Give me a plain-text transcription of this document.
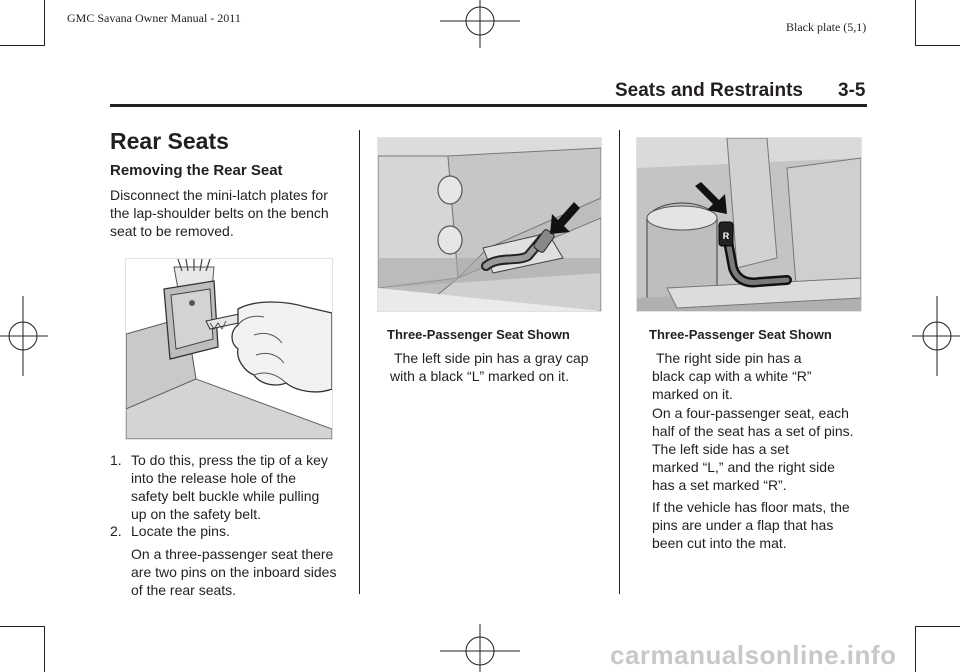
GMC Savana Owner Manual - 2011
Black plate (5,1)
Seats and Restraints 3-5
Rear Seats
Removing the Rear Seat
Disconnect the mini-latch plates for
the lap-shoulder belts on the bench
seat to be removed.
1. To do this, press the tip of a key
into the release hole of the
safety belt buckle while pulling
up on the safety belt.
2. Locate the pins.
On a three-passenger seat there
are two pins on the inboard sides
of the rear seats.
Three-Passenger Seat Shown
The left side pin has a gray cap
with a black “L” marked on it.
R
Three-Passenger Seat Shown
The right side pin has a
black cap with a white “R”
marked on it.
On a four-passenger seat, each
half of the seat has a set of pins.
The left side has a set
marked “L,” and the right side
has a set marked “R”.
If the vehicle has floor mats, the
pins are under a flap that has
been cut into the mat.
carmanualsonline.info
